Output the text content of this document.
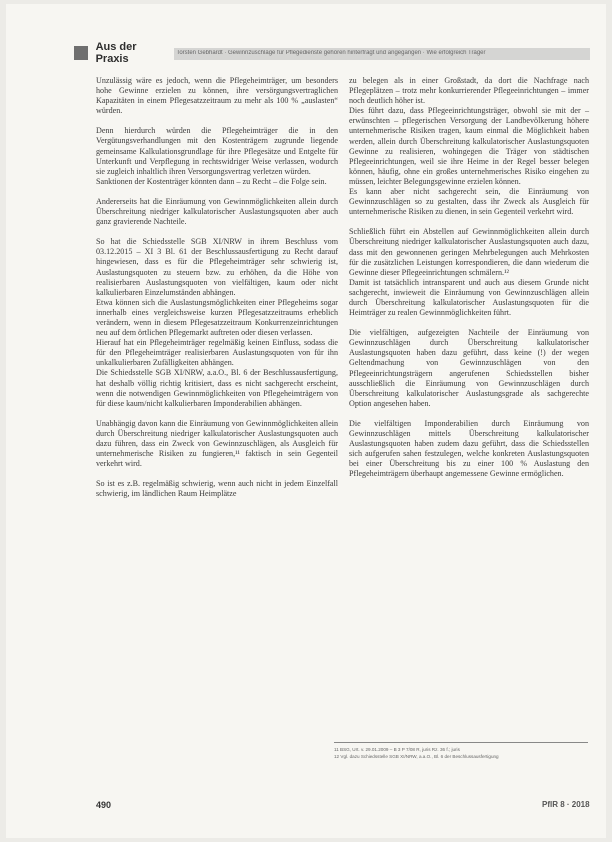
Aus der Praxis	Torsten Gebhardt · Gewinnzuschläge für Pflegedienste gehören hinterfragt und angegangen · Wie erfolgreich Träger

Unzulässig wäre es jedoch, wenn die Pflegeheimträger, um besonders hohe Gewinne erzielen zu können, ihre versörgungsvertraglichen Kapazitäten in einem Pflegesatzzeitraum zu mehr als 100 % „auslasten“ würden.

Denn hierdurch würden die Pflegeheimträger die in den Vergütungsverhandlungen mit den Kostenträgern zugrunde liegende gemeinsame Kalkulationsgrundlage für ihre Pflegesätze und Entgelte für Unterkunft und Verpflegung in rechtswidriger Weise verlassen, wodurch sie zugleich inhaltlich ihren Versorgungsvertrag verletzen würden.

Sanktionen der Kostenträger könnten dann – zu Recht – die Folge sein.

Andererseits hat die Einräumung von Gewinnmöglichkeiten allein durch Überschreitung niedriger kalkulatorischer Auslastungsquoten aber auch ganz gravierende Nachteile.

So hat die Schiedsstelle SGB XI/NRW in ihrem Beschluss vom 03.12.2015 – XI 3 Bl. 61 der Beschlussausfertigung zu Recht darauf hingewiesen, dass es für die Pflegeheimträger sehr schwierig ist, Auslastungsquoten zu steuern bzw. zu erhöhen, da die Höhe von realisierbaren Auslastungsquoten von vielfältigen, kaum oder nicht kalkulierbaren Einzelumständen abhängen.

Etwa können sich die Auslastungsmöglichkeiten einer Pflegeheims sogar innerhalb eines vergleichsweise kurzen Pflegesatzzeitraums erheblich verändern, wenn in diesem Pflegesatzzeitraum Konkurrenzeinrichtungen neu auf dem örtlichen Pflegemarkt auftreten oder diesen verlassen.

Hierauf hat ein Pflegeheimträger regelmäßig keinen Einfluss, sodass die für den Pflegeheimträger realisierbaren Auslastungsquoten von für ihn unkalkulierbaren Zufälligkeiten abhängen.

Die Schiedsstelle SGB XI/NRW, a.a.O., Bl. 6 der Beschlussausfertigung, hat deshalb völlig richtig kritisiert, dass es nicht sachgerecht erscheint, wenn die notwendigen Gewinnmöglichkeiten von Pflegeheimträgern von für diese kaum/nicht kalkulierbaren Imponderabilien abhängen.

Unabhängig davon kann die Einräumung von Gewinnmöglichkeiten allein durch Überschreitung niedriger kalkulatorischer Auslastungsquoten auch dazu führen, dass ein Zweck von Gewinnzuschlägen, als Ausgleich für unternehmerische Risiken zu fungieren,¹¹ faktisch in sein Gegenteil verkehrt wird.

So ist es z.B. regelmäßig schwierig, wenn auch nicht in jedem Einzelfall schwierig, im ländlichen Raum Heimplätze

zu belegen als in einer Großstadt, da dort die Nachfrage nach Pflegeplätzen – trotz mehr konkurrierender Pflegeeinrichtungen – immer noch deutlich höher ist.

Dies führt dazu, dass Pflegeeinrichtungsträger, obwohl sie mit der – erwünschten – pflegerischen Versorgung der Landbevölkerung höhere unternehmerische Risiken tragen, kaum einmal die Möglichkeit haben werden, allein durch Überschreitung kalkulatorischer Auslastungsquoten Gewinne zu realisieren, wohingegen die Träger von städtischen Pflegeeinrichtungen, weil sie ihre Heime in der Regel besser belegen können, häufig, ohne ein großes unternehmerisches Risiko eingehen zu müssen, leichter Belegungsgewinne erzielen können.

Es kann aber nicht sachgerecht sein, die Einräumung von Gewinnzuschlägen so zu gestalten, dass ihr Zweck als Ausgleich für unternehmerische Risiken zu dienen, in sein Gegenteil verkehrt wird.

Schließlich führt ein Abstellen auf Gewinnmöglichkeiten allein durch Überschreitung niedriger kalkulatorischer Auslastungsquoten auch dazu, dass mit den gewonnenen geringen Mehrbelegungen auch Mehrkosten für die zusätzlichen Leistungen korrespondieren, die dann wiederum die Gewinne dieser Pflegeeinrichtungen schmälern.¹²

Damit ist tatsächlich intransparent und auch aus diesem Grunde nicht sachgerecht, inwieweit die Einräumung von Gewinnzuschlägen allein durch Überschreitung kalkulatorischer Auslastungsquoten für die Heimträger zu realen Gewinnmöglichkeiten führt.

Die vielfältigen, aufgezeigten Nachteile der Einräumung von Gewinnzuschlägen durch Überschreitung kalkulatorischer Auslastungsquoten haben dazu geführt, dass keine (!) der wegen Geltendmachung von Gewinnzuschlägen von den Pflegeeinrichtungsträgern angerufenen Schiedsstellen bisher ausschließlich die Einräumung von Gewinnzuschlägen durch Überschreitung kalkulatorischer Auslastungsgrade als sachgerechte Option angesehen haben.

Die vielfältigen Imponderabilien durch Einräumung von Gewinnzuschlägen mittels Überschreitung kalkulatorischer Auslastungsquoten haben zudem dazu geführt, dass die Schiedsstellen sich aufgerufen sahen festzulegen, welche konkreten Auslastungsquoten bei einer Überschreitung bis zu einer 100 % Auslastung den Pflegeheimträgern überhaupt angemessene Gewinne ermöglichen.

11 BSG, Urt. v. 29.01.2009 – B 3 P 7/08 R, juris Rz. 36 f.; juris
12 Vgl. dazu Schiedsstelle SGB XI/NRW, a.a.O., Bl. 6 der Beschlussausfertigung
490	PflR 8 · 2018
